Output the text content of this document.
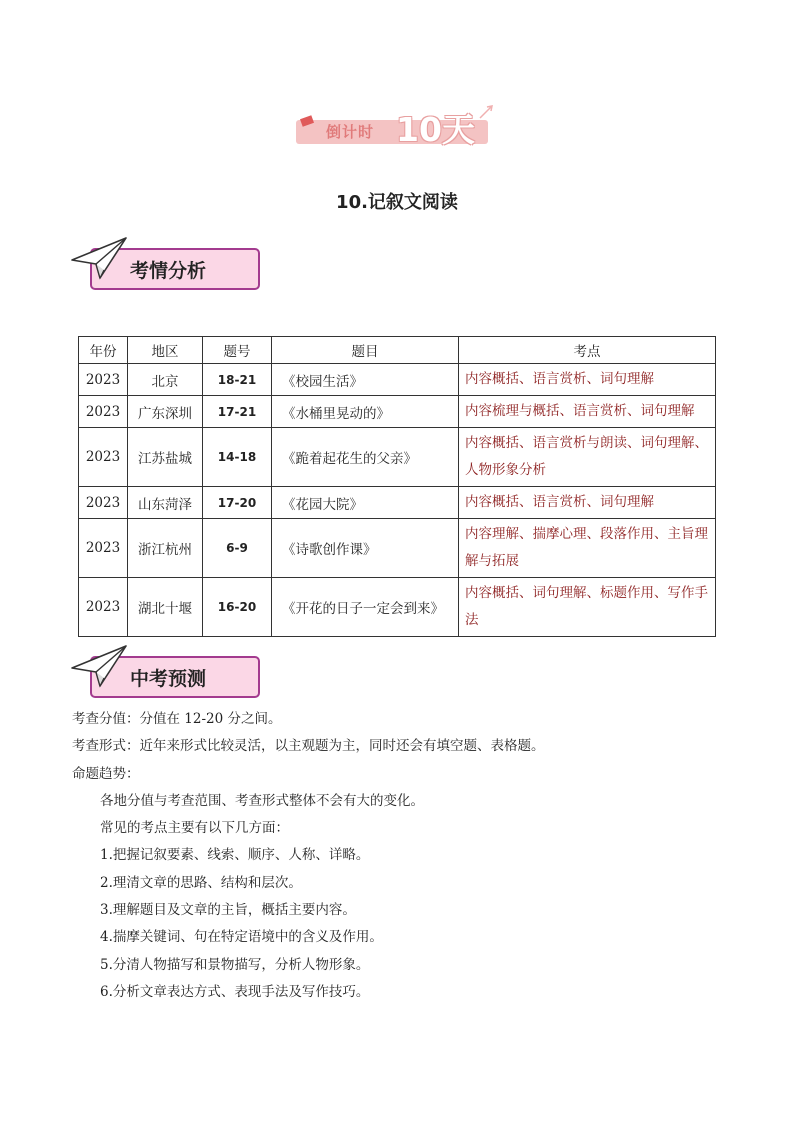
倒计时 10天
10.记叙文阅读
考情分析
年份	地区	题号	题目	考点
2023	北京	18-21	《校园生活》	内容概括、语言赏析、词句理解
2023	广东深圳	17-21	《水桶里晃动的》	内容梳理与概括、语言赏析、词句理解
2023	江苏盐城	14-18	《跪着起花生的父亲》	内容概括、语言赏析与朗读、词句理解、人物形象分析
2023	山东菏泽	17-20	《花园大院》	内容概括、语言赏析、词句理解
2023	浙江杭州	6-9	《诗歌创作课》	内容理解、揣摩心理、段落作用、主旨理解与拓展
2023	湖北十堰	16-20	《开花的日子一定会到来》	内容概括、词句理解、标题作用、写作手法
中考预测

考查分值：分值在 12-20 分之间。

考查形式：近年来形式比较灵活，以主观题为主，同时还会有填空题、表格题。

命题趋势：

各地分值与考查范围、考查形式整体不会有大的变化。

常见的考点主要有以下几方面：

1.把握记叙要素、线索、顺序、人称、详略。

2.理清文章的思路、结构和层次。

3.理解题目及文章的主旨，概括主要内容。

4.揣摩关键词、句在特定语境中的含义及作用。

5.分清人物描写和景物描写，分析人物形象。

6.分析文章表达方式、表现手法及写作技巧。
